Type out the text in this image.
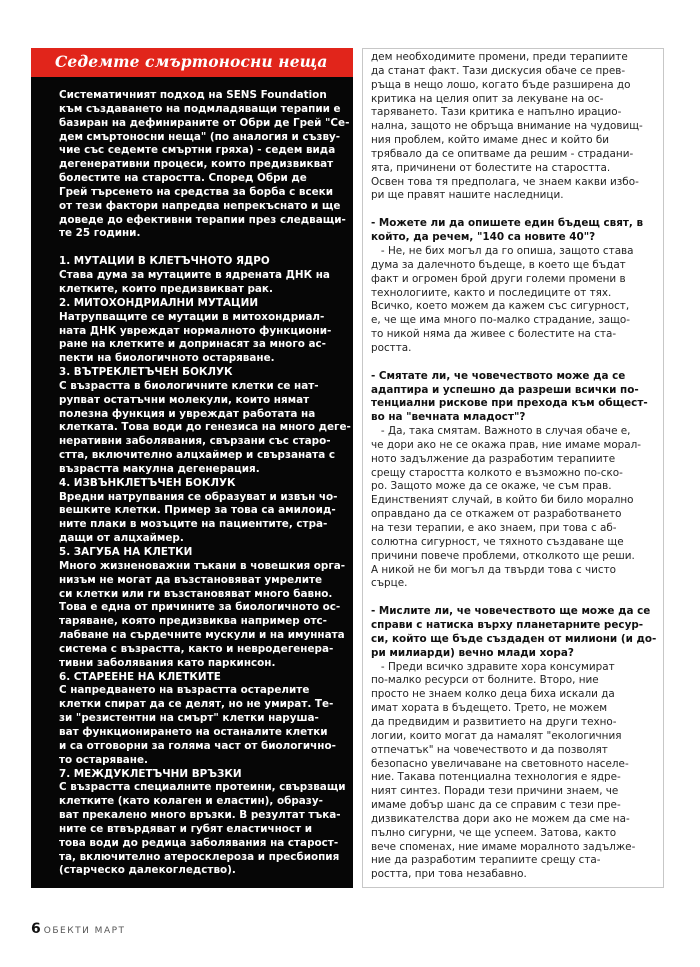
Седемте смъртоносни неща

Систематичният подход на SENS Foundation

към създаването на подмладяващи терапии е

базиран на дефинираните от Обри де Грей "Се-

дем смъртоносни неща" (по аналогия и съзву-

чие със седемте смъртни гряха) - седем вида

дегенеративни процеси, които предизвикват

болестите на старостта. Според Обри де

Грей търсенето на средства за борба с всеки

от тези фактори напредва непрекъснато и ще

доведе до ефективни терапии през следващи-

те 25 години.

1. МУТАЦИИ В КЛЕТЪЧНОТО ЯДРО

Става дума за мутациите в ядрената ДНК на

клетките, които предизвикват рак.

2. МИТОХОНДРИАЛНИ МУТАЦИИ

Натрупващите се мутации в митохондриал-

ната ДНК увреждат нормалното функциони-

ране на клетките и допринасят за много ас-

пекти на биологичното остаряване.

3. ВЪТРЕКЛЕТЪЧЕН БОКЛУК

С възрастта в биологичните клетки се нат-

рупват остатъчни молекули, които нямат

полезна функция и увреждат работата на

клетката. Това води до генезиса на много деге-

неративни заболявания, свързани със старо-

стта, включително алцхаймер и свързаната с

възрастта макулна дегенерация.

4. ИЗВЪНКЛЕТЪЧЕН БОКЛУК

Вредни натрупвания се образуват и извън чо-

вешките клетки. Пример за това са амилоид-

ните плаки в мозъците на пациентите, стра-

дащи от алцхаймер.

5. ЗАГУБА НА КЛЕТКИ

Много жизненоважни тъкани в човешкия орга-

низъм не могат да възстановяват умрелите

си клетки или ги възстановяват много бавно.

Това е една от причините за биологичното ос-

таряване, която предизвиква например отс-

лабване на сърдечните мускули и на имунната

система с възрастта, както и невродегенера-

тивни заболявания като паркинсон.

6. СТАРЕЕНЕ НА КЛЕТКИТЕ

С напредването на възрастта остарелите

клетки спират да се делят, но не умират. Те-

зи "резистентни на смърт" клетки наруша-

ват функционирането на останалите клетки

и са отговорни за голяма част от биологично-

то остаряване.

7. МЕЖДУКЛЕТЪЧНИ ВРЪЗКИ

С възрастта специалните протеини, свързващи

клетките (като колаген и еластин), образу-

ват прекалено много връзки. В резултат тъка-

ните се втвърдяват и губят еластичност и

това води до редица заболявания на старост-

та, включително атеросклероза и пресбиопия

(старческо далекогледство).

дем необходимите промени, преди терапиите

да станат факт. Тази дискусия обаче се прев-

ръща в нещо лошо, когато бъде разширена до

критика на целия опит за лекуване на ос-

таряването. Тази критика е напълно ирацио-

нална, защото не обръща внимание на чудовищ-

ния проблем, който имаме днес и който би

трябвало да се опитваме да решим - страдани-

ята, причинени от болестите на старостта.

Освен това тя предполага, че знаем какви избо-

ри ще правят нашите наследници.

- Можете ли да опишете един бъдещ свят, в

който, да речем, "140 са новите 40"?

- Не, не бих могъл да го опиша, защото става

дума за далечното бъдеще, в което ще бъдат

факт и огромен брой други големи промени в

технологиите, както и последиците от тях.

Всичко, което можем да кажем със сигурност,

е, че ще има много по-малко страдание, защо-

то никой няма да живее с болестите на ста-

ростта.

- Смятате ли, че човечеството може да се

адаптира и успешно да разреши всички по-

тенциални рискове при прехода към общест-

во на "вечната младост"?

- Да, така смятам. Важното в случая обаче е,

че дори ако не се окажа прав, ние имаме морал-

ното задължение да разработим терапиите

срещу старостта колкото е възможно по-ско-

ро. Защото може да се окаже, че съм прав.

Единственият случай, в който би било морално

оправдано да се откажем от разработването

на тези терапии, е ако знаем, при това с аб-

солютна сигурност, че тяхното създаване ще

причини повече проблеми, отколкото ще реши.

А никой не би могъл да твърди това с чисто

сърце.

- Мислите ли, че човечеството ще може да се

справи с натиска върху планетарните ресур-

си, който ще бъде създаден от милиони (и до-

ри милиарди) вечно млади хора?

- Преди всичко здравите хора консумират

по-малко ресурси от болните. Второ, ние

просто не знаем колко деца биха искали да

имат хората в бъдещето. Трето, не можем

да предвидим и развитието на други техно-

логии, които могат да намалят "екологичния

отпечатък" на човечеството и да позволят

безопасно увеличаване на световното населе-

ние. Такава потенциална технология е ядре-

ният синтез. Поради тези причини знаем, че

имаме добър шанс да се справим с тези пре-

дизвикателства дори ако не можем да сме на-

пълно сигурни, че ще успеем. Затова, както

вече споменах, ние имаме моралното задълже-

ние да разработим терапиите срещу ста-

ростта, при това незабавно.

6 ОБЕКТИ МАРТ
